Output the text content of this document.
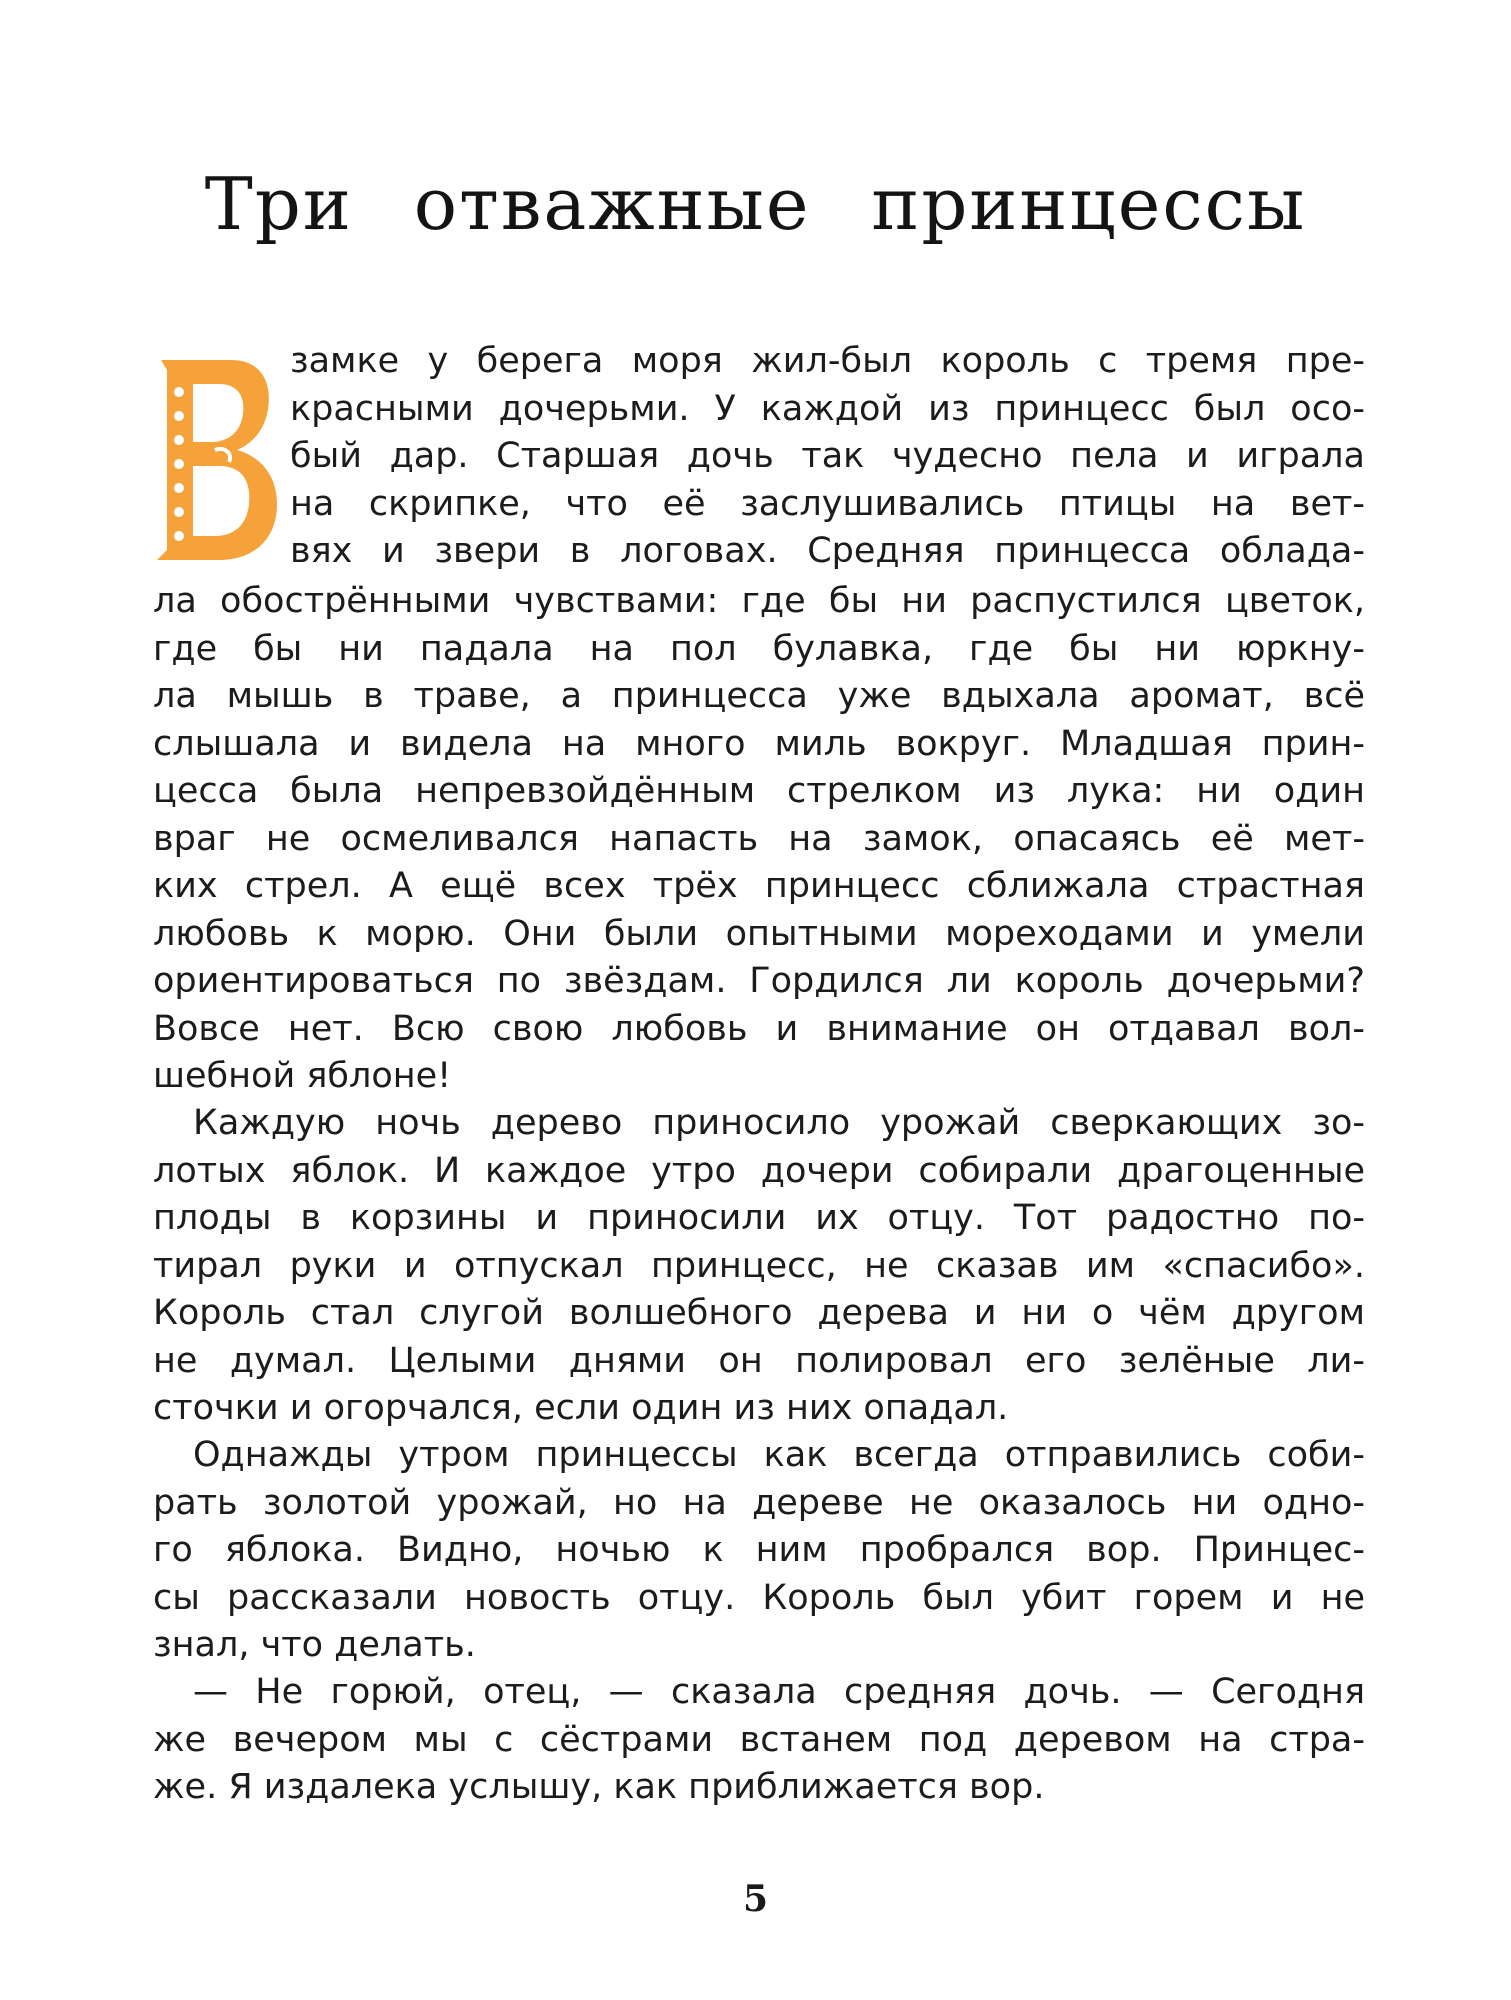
Три отважные принцессы
замке у берега моря жил-был король с тремя пре-
красными дочерьми. У каждой из принцесс был осо-
бый дар. Старшая дочь так чудесно пела и играла
на скрипке, что её заслушивались птицы на вет-
вях и звери в логовах. Средняя принцесса облада-
ла обострёнными чувствами: где бы ни распустился цветок,
где бы ни падала на пол булавка, где бы ни юркну-
ла мышь в траве, а принцесса уже вдыхала аромат, всё
слышала и видела на много миль вокруг. Младшая прин-
цесса была непревзойдённым стрелком из лука: ни один
враг не осмеливался напасть на замок, опасаясь её мет-
ких стрел. А ещё всех трёх принцесс сближала страстная
любовь к морю. Они были опытными мореходами и умели
ориентироваться по звёздам. Гордился ли король дочерьми?
Вовсе нет. Всю свою любовь и внимание он отдавал вол-
шебной яблоне!
Каждую ночь дерево приносило урожай сверкающих зо-
лотых яблок. И каждое утро дочери собирали драгоценные
плоды в корзины и приносили их отцу. Тот радостно по-
тирал руки и отпускал принцесс, не сказав им «спасибо».
Король стал слугой волшебного дерева и ни о чём другом
не думал. Целыми днями он полировал его зелёные ли-
сточки и огорчался, если один из них опадал.
Однажды утром принцессы как всегда отправились соби-
рать золотой урожай, но на дереве не оказалось ни одно-
го яблока. Видно, ночью к ним пробрался вор. Принцес-
сы рассказали новость отцу. Король был убит горем и не
знал, что делать.
— Не горюй, отец, — сказала средняя дочь. — Сегодня
же вечером мы с сёстрами встанем под деревом на стра-
же. Я издалека услышу, как приближается вор.
5
